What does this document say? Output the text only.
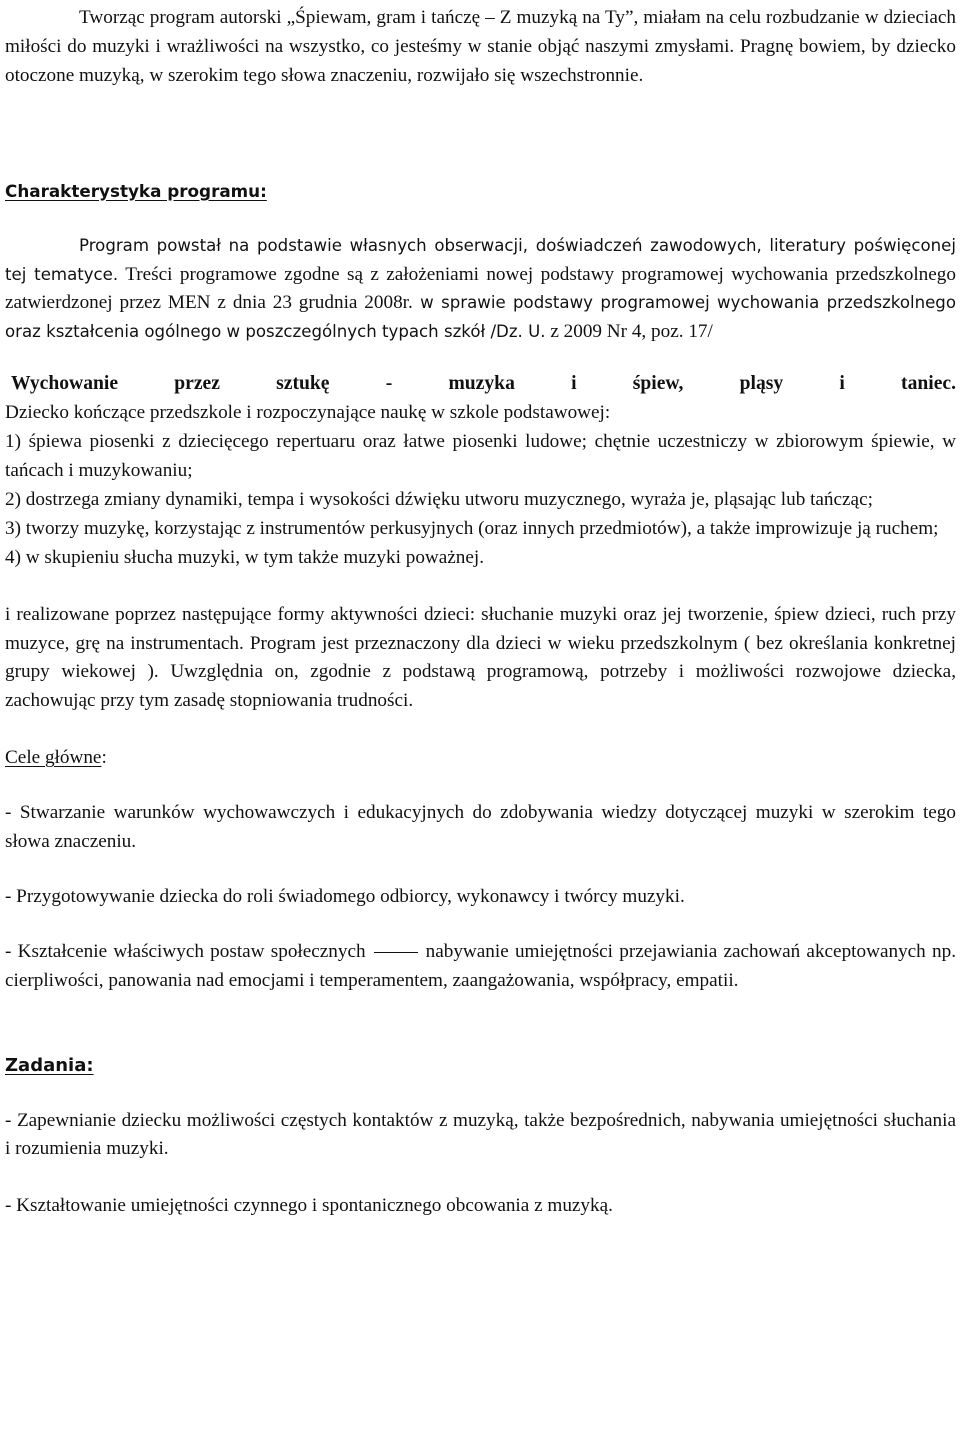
Tworząc program autorski „Śpiewam, gram i tańczę – Z muzyką na Ty”, miałam na celu rozbudzanie w dzieciach miłości do muzyki i wrażliwości na wszystko, co jesteśmy w stanie objąć naszymi zmysłami. Pragnę bowiem, by dziecko otoczone muzyką, w szerokim tego słowa znaczeniu, rozwijało się wszechstronnie.

Charakterystyka programu:

Program powstał na podstawie własnych obserwacji, doświadczeń zawodowych, literatury poświęconej tej tematyce. Treści programowe zgodne są z założeniami nowej podstawy programowej wychowania przedszkolnego zatwierdzonej przez MEN z dnia 23 grudnia 2008r. w sprawie podstawy programowej wychowania przedszkolnego oraz kształcenia ogólnego w poszczególnych typach szkół /Dz. U. z 2009 Nr 4, poz. 17/

Wychowanie przez sztukę - muzyka i śpiew, pląsy i taniec.

Dziecko kończące przedszkole i rozpoczynające naukę w szkole podstawowej:

1) śpiewa piosenki z dziecięcego repertuaru oraz łatwe piosenki ludowe; chętnie uczestniczy w zbiorowym śpiewie, w tańcach i muzykowaniu;

2) dostrzega zmiany dynamiki, tempa i wysokości dźwięku utworu muzycznego, wyraża je, pląsając lub tańcząc;

3) tworzy muzykę, korzystając z instrumentów perkusyjnych (oraz innych przedmiotów), a także improwizuje ją ruchem;

4) w skupieniu słucha muzyki, w tym także muzyki poważnej.

i realizowane poprzez następujące formy aktywności dzieci: słuchanie muzyki oraz jej tworzenie, śpiew dzieci, ruch przy muzyce, grę na instrumentach. Program jest przeznaczony dla dzieci w wieku przedszkolnym ( bez określania konkretnej grupy wiekowej ). Uwzględnia on, zgodnie z podstawą programową, potrzeby i możliwości rozwojowe dziecka, zachowując przy tym zasadę stopniowania trudności.

Cele główne:

- Stwarzanie warunków wychowawczych i edukacyjnych do zdobywania wiedzy dotyczącej muzyki w szerokim tego słowa znaczeniu.

- Przygotowywanie dziecka do roli świadomego odbiorcy, wykonawcy i twórcy muzyki.

- Kształcenie właściwych postaw społecznych	nabywanie umiejętności przejawiania zachowań akceptowanych np. cierpliwości, panowania nad emocjami i temperamentem, zaangażowania, współpracy, empatii.

Zadania:

- Zapewnianie dziecku możliwości częstych kontaktów z muzyką, także bezpośrednich, nabywania umiejętności słuchania i rozumienia muzyki.

- Kształtowanie umiejętności czynnego i spontanicznego obcowania z muzyką.
